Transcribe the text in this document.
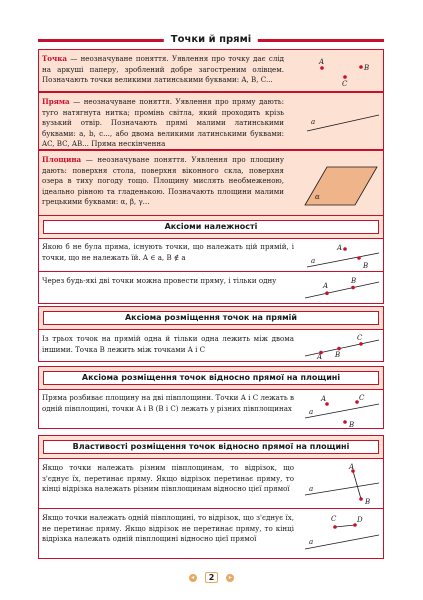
Точки й прямі
Точка — неозначуване поняття. Уявлення про точку дає слід на аркуші паперу, зроблений добре загостреним олівцем. Позначають точки великими латинськими буквами: A, B, C...
A
C
B
Пряма — неозначуване поняття. Уявлення про пряму дають: туго натягнута нитка; промінь світла, який проходить крізь вузький отвір. Позначають прямі малими латинськими буквами: a, b, c..., або двома великими латинськими буквами: AC, BC, AB... Пряма нескінченна
a
Площина — неозначуване поняття. Уявлення про площину дають: поверхня стола, поверхня віконного скла, поверхня озера в тиху погоду тощо. Площину мислять необмеженою, ідеально рівною та гладенькою. Позначають площини малими грецькими буквами: α, β, γ...
α
Аксіоми належності
Якою б не була пряма, існують точки, що належать цій прямій, і точки, що не належать їй. A ∈ a, B ∉ a
A
B
a
Через будь-які дві точки можна провести пряму, і тільки одну
A
B
Аксіома розміщення точок на прямій
Із трьох точок на прямій одна й тільки одна лежить між двома іншими. Точка B лежить між точками A і C
A B
C
Аксіома розміщення точок відносно прямої на площині
Пряма розбиває площину на дві півплощини. Точки A і C лежать в одній півплощині, точки A і B (B і C) лежать у різних півплощинах
A	C
B
a
Властивості розміщення точок відносно прямої на площині
Якщо точки належать різним півплощинам, то відрізок, що з'єднує їх, перетинає пряму. Якщо відрізок перетинає пряму, то кінці відрізка належать різним півплощинам відносно цієї прямої
A
B
a
Якщо точки належать одній півплощині, то відрізок, що з'єднує їх, не перетинає пряму. Якщо відрізок не перетинає пряму, то кінці відрізка належать одній півплощині відносно цієї прямої
C	D
a
◂ 2 ▸
